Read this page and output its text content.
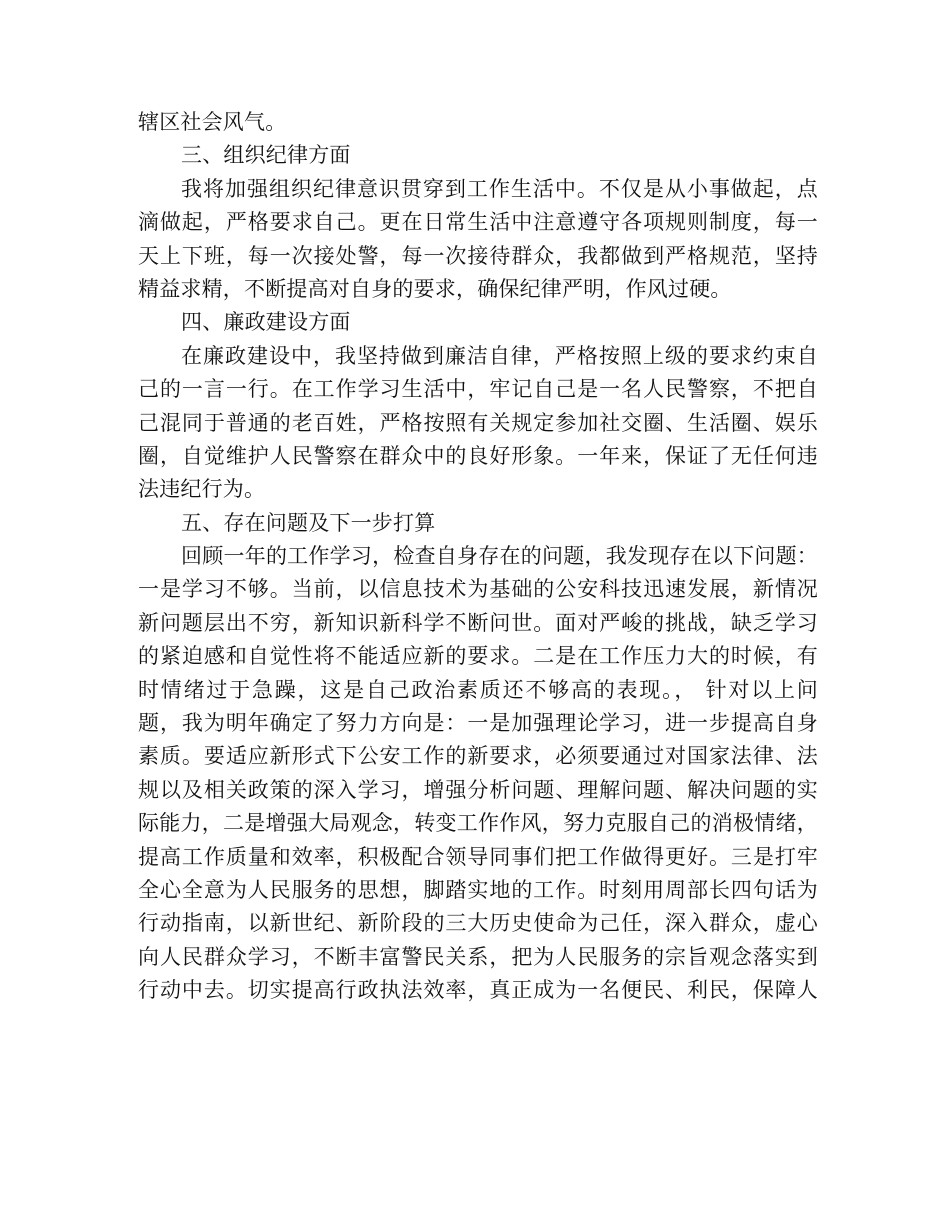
辖区社会风气。
三、组织纪律方面
我将加强组织纪律意识贯穿到工作生活中。不仅是从小事做起，点
滴做起，严格要求自己。更在日常生活中注意遵守各项规则制度，每一
天上下班，每一次接处警，每一次接待群众，我都做到严格规范，坚持
精益求精，不断提高对自身的要求，确保纪律严明，作风过硬。
四、廉政建设方面
在廉政建设中，我坚持做到廉洁自律，严格按照上级的要求约束自
己的一言一行。在工作学习生活中，牢记自己是一名人民警察，不把自
己混同于普通的老百姓，严格按照有关规定参加社交圈、生活圈、娱乐
圈，自觉维护人民警察在群众中的良好形象。一年来，保证了无任何违
法违纪行为。
五、存在问题及下一步打算
回顾一年的工作学习，检查自身存在的问题，我发现存在以下问题：
一是学习不够。当前，以信息技术为基础的公安科技迅速发展，新情况
新问题层出不穷，新知识新科学不断问世。面对严峻的挑战，缺乏学习
的紧迫感和自觉性将不能适应新的要求。二是在工作压力大的时候，有
时情绪过于急躁，这是自己政治素质还不够高的表现。， 针对以上问
题，我为明年确定了努力方向是：一是加强理论学习，进一步提高自身
素质。要适应新形式下公安工作的新要求，必须要通过对国家法律、法
规以及相关政策的深入学习，增强分析问题、理解问题、解决问题的实
际能力，二是增强大局观念，转变工作作风，努力克服自己的消极情绪，
提高工作质量和效率，积极配合领导同事们把工作做得更好。三是打牢
全心全意为人民服务的思想，脚踏实地的工作。时刻用周部长四句话为
行动指南，以新世纪、新阶段的三大历史使命为己任，深入群众，虚心
向人民群众学习，不断丰富警民关系，把为人民服务的宗旨观念落实到
行动中去。切实提高行政执法效率，真正成为一名便民、利民，保障人
